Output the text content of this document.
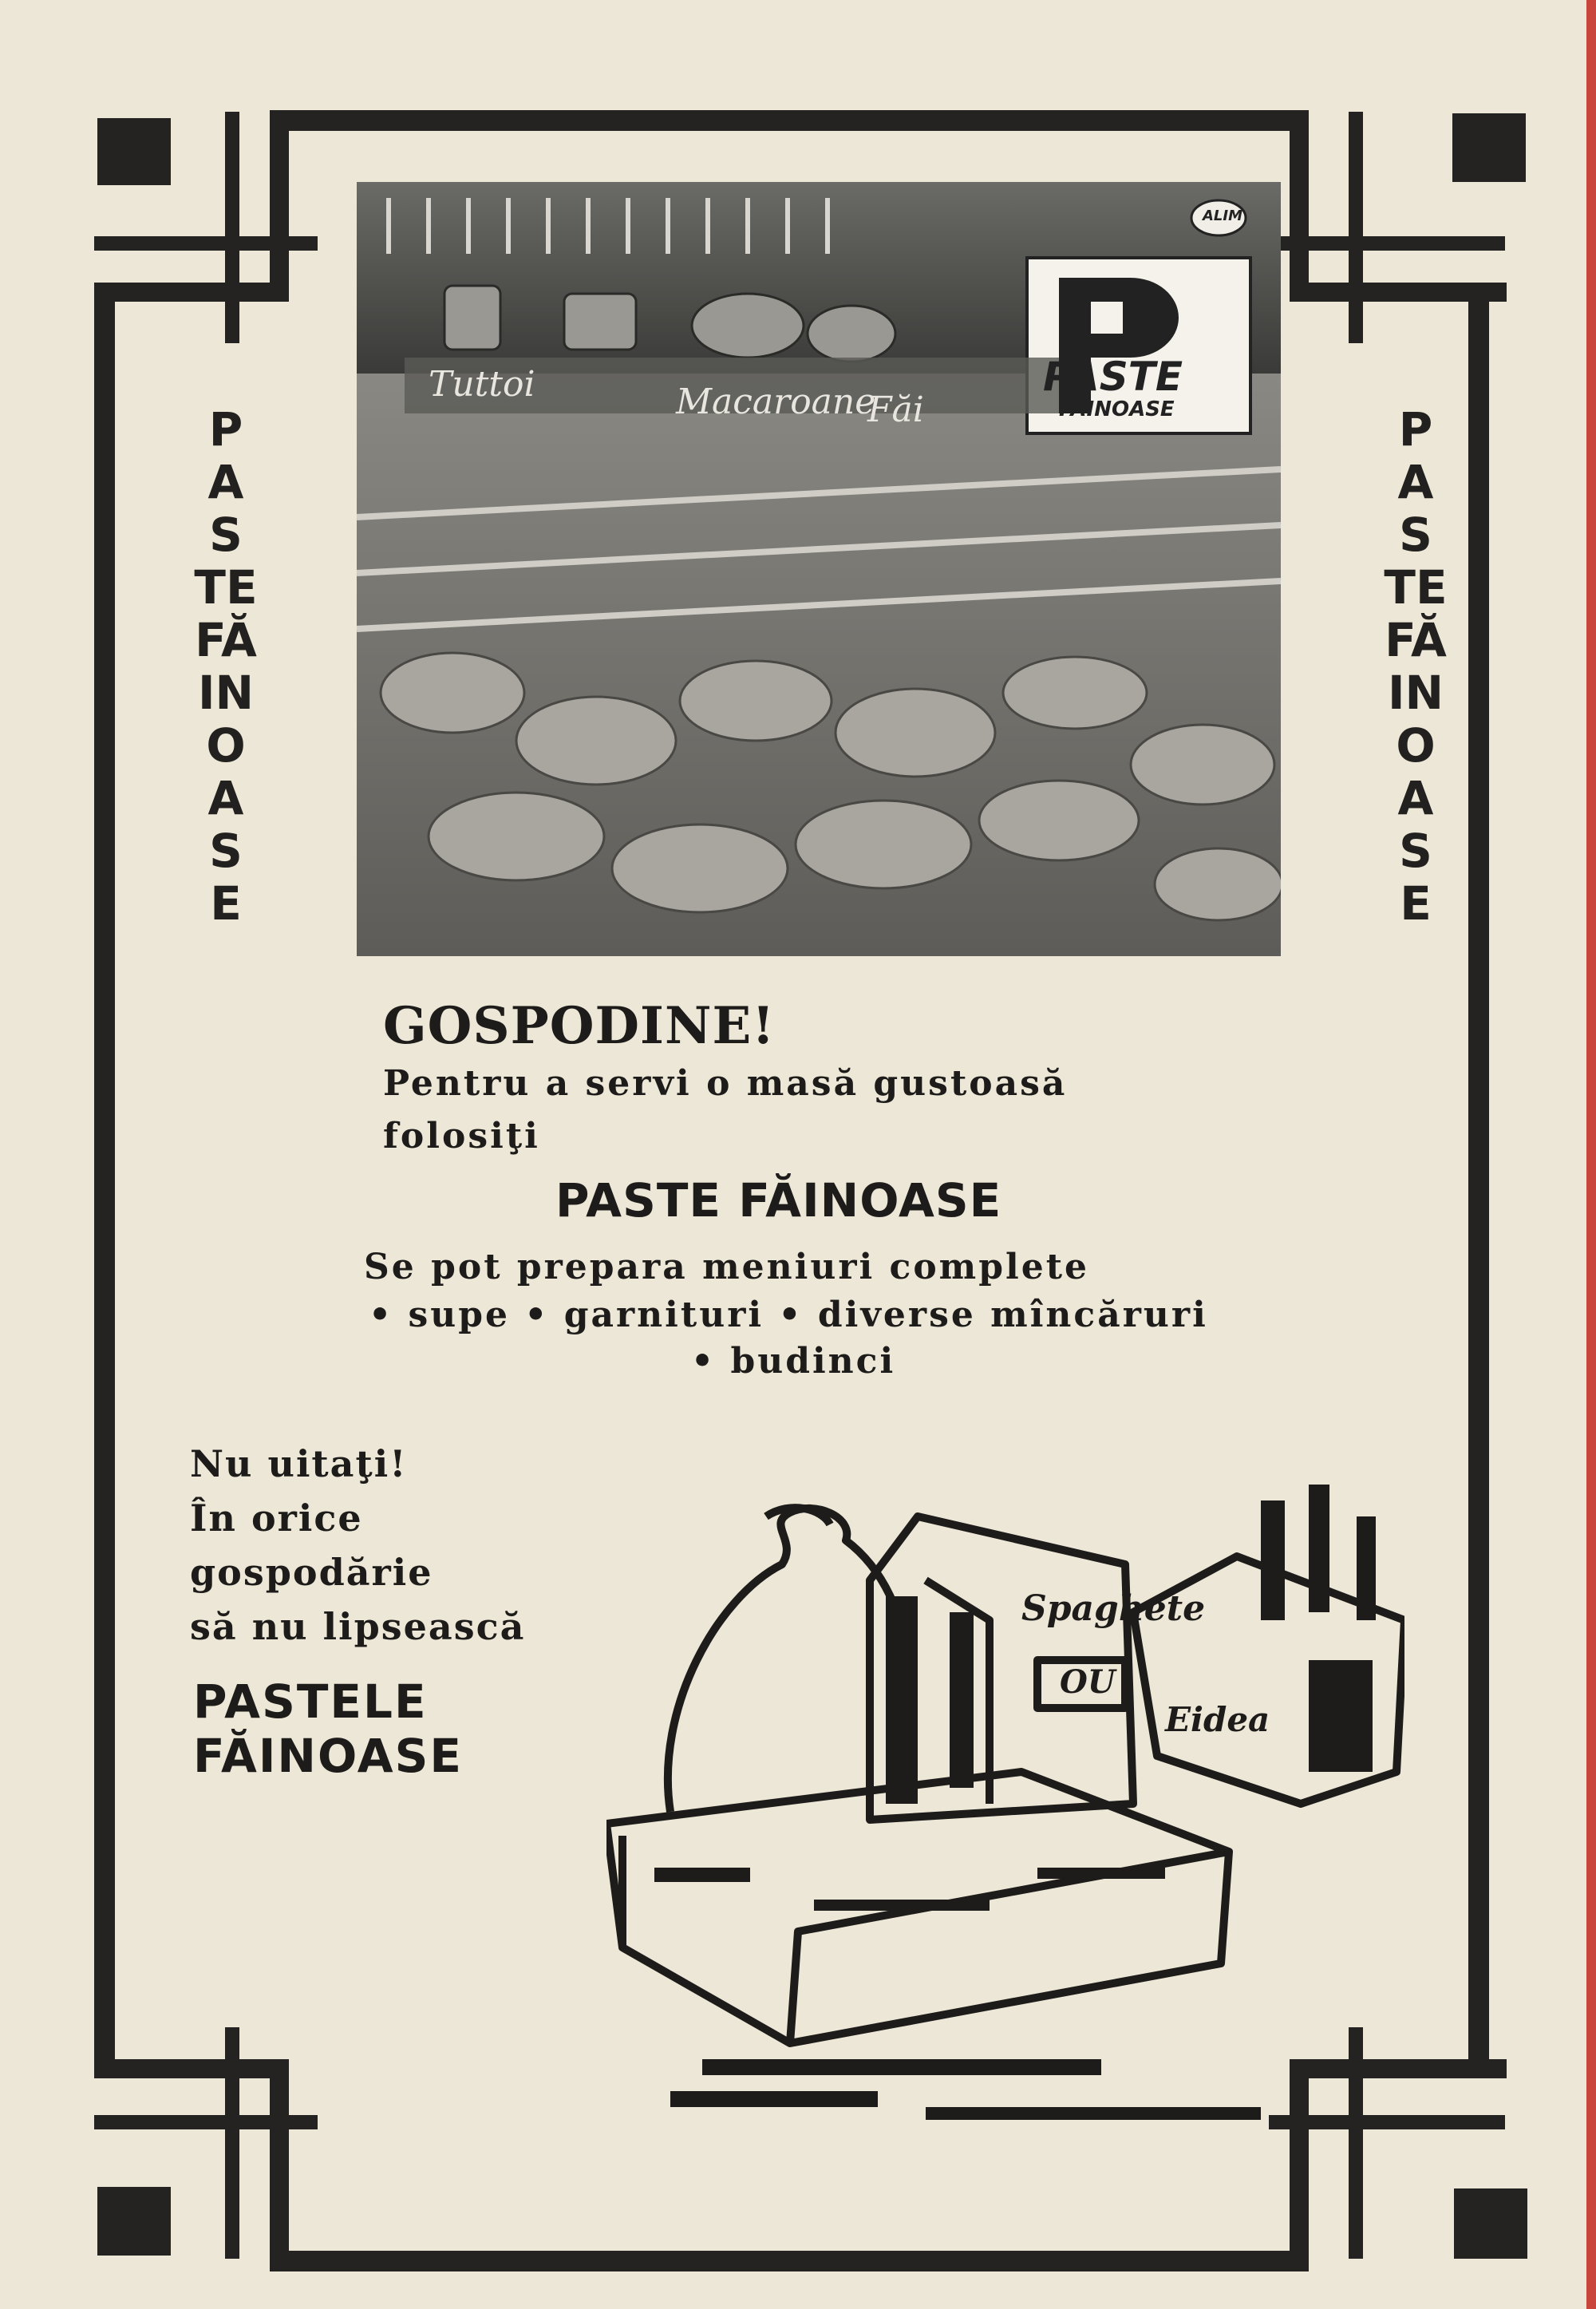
PASTEFĂINOASE
PASTEFĂINOASE
Tuttoi	Macaroane
Făi
PASTE
FĂINOASE
ALIM
GOSPODINE!
Pentru a servi o masă gustoasă
folosiţi
PASTE FĂINOASE
Se pot prepara meniuri complete
• supe • garnituri • diverse mîncăruri
• budinci
Nu uitaţi!
În orice
gospodărie
să nu lipsească
PASTELE
FĂINOASE
Spaghete
OU
Eidea
